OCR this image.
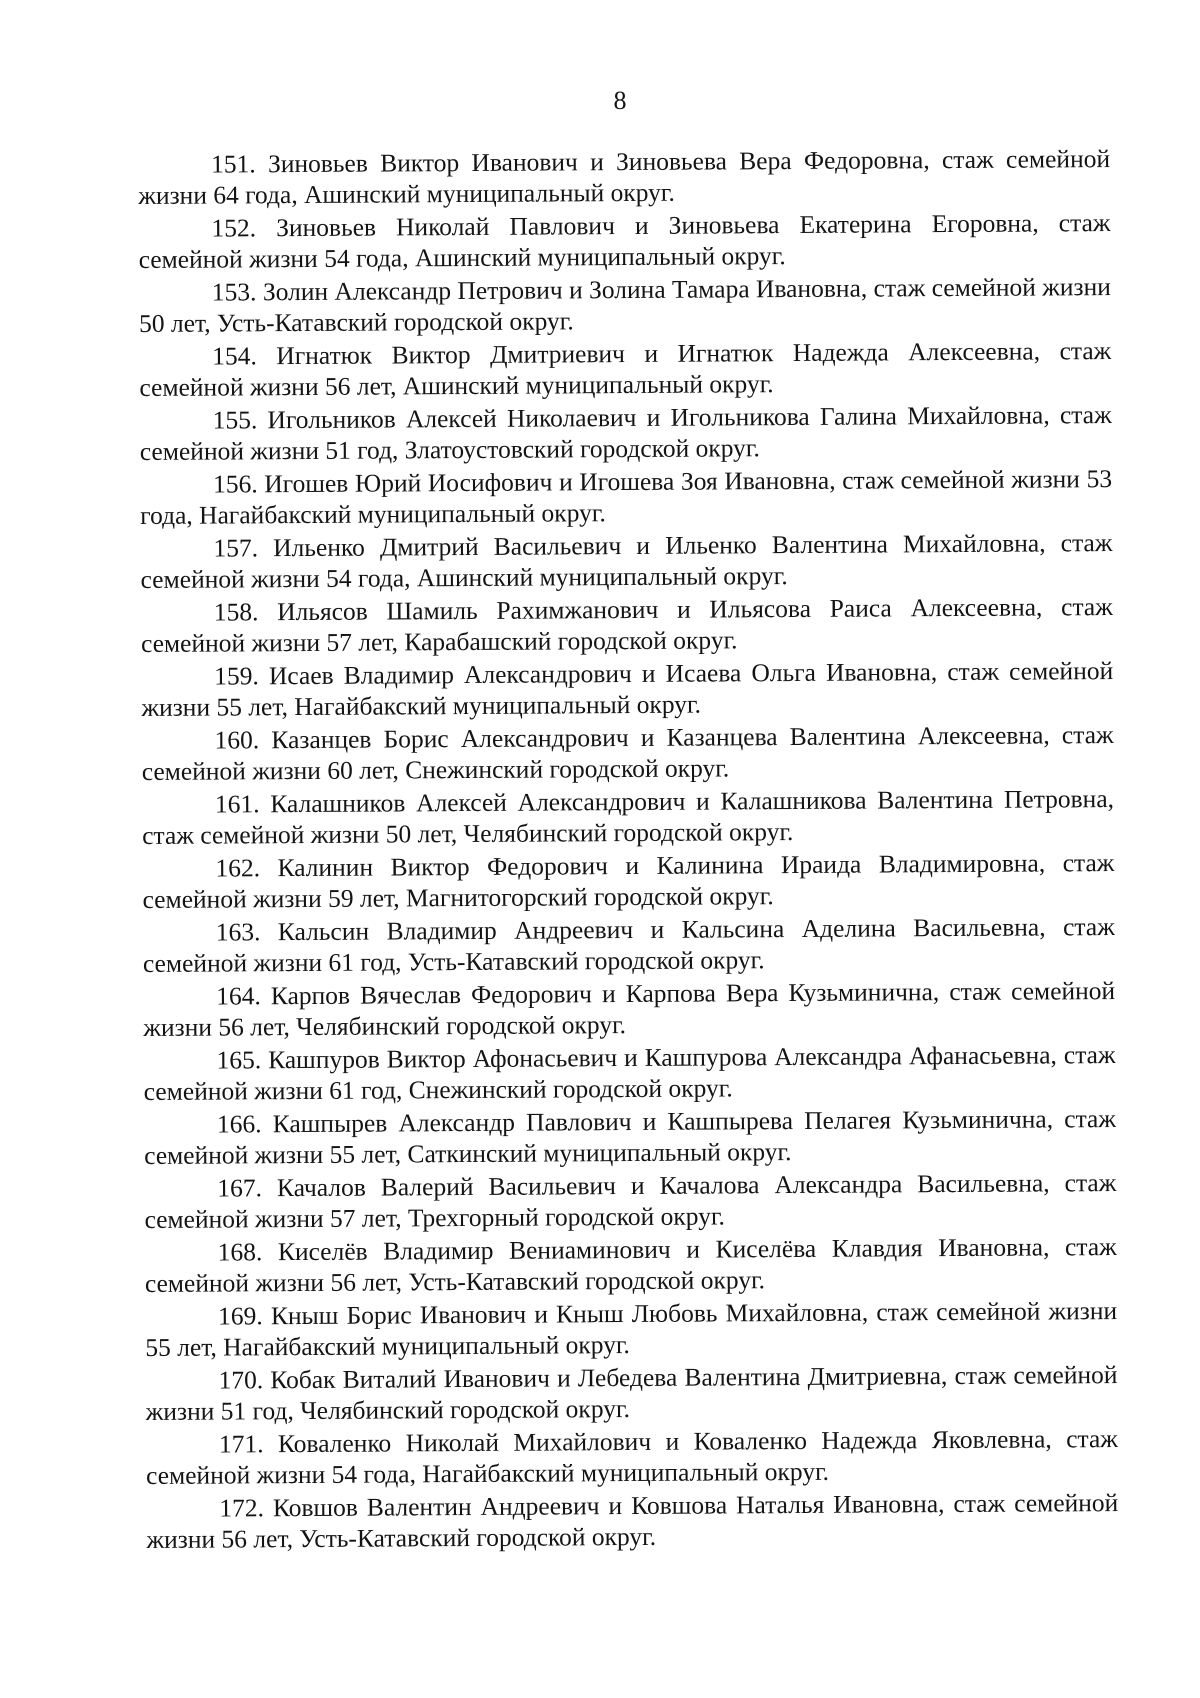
8
151. Зиновьев Виктор Иванович и Зиновьева Вера Федоровна, стаж семейной жизни 64 года, Ашинский муниципальный округ.
152. Зиновьев Николай Павлович и Зиновьева Екатерина Егоровна, стаж семейной жизни 54 года, Ашинский муниципальный округ.
153. Золин Александр Петрович и Золина Тамара Ивановна, стаж семейной жизни 50 лет, Усть-Катавский городской округ.
154. Игнатюк Виктор Дмитриевич и Игнатюк Надежда Алексеевна, стаж семейной жизни 56 лет, Ашинский муниципальный округ.
155. Игольников Алексей Николаевич и Игольникова Галина Михайловна, стаж семейной жизни 51 год, Златоустовский городской округ.
156. Игошев Юрий Иосифович и Игошева Зоя Ивановна, стаж семейной жизни 53 года, Нагайбакский муниципальный округ.
157. Ильенко Дмитрий Васильевич и Ильенко Валентина Михайловна, стаж семейной жизни 54 года, Ашинский муниципальный округ.
158. Ильясов Шамиль Рахимжанович и Ильясова Раиса Алексеевна, стаж семейной жизни 57 лет, Карабашский городской округ.
159. Исаев Владимир Александрович и Исаева Ольга Ивановна, стаж семейной жизни 55 лет, Нагайбакский муниципальный округ.
160. Казанцев Борис Александрович и Казанцева Валентина Алексеевна, стаж семейной жизни 60 лет, Снежинский городской округ.
161. Калашников Алексей Александрович и Калашникова Валентина Петровна, стаж семейной жизни 50 лет, Челябинский городской округ.
162. Калинин Виктор Федорович и Калинина Ираида Владимировна, стаж семейной жизни 59 лет, Магнитогорский городской округ.
163. Кальсин Владимир Андреевич и Кальсина Аделина Васильевна, стаж семейной жизни 61 год, Усть-Катавский городской округ.
164. Карпов Вячеслав Федорович и Карпова Вера Кузьминична, стаж семейной жизни 56 лет, Челябинский городской округ.
165. Кашпуров Виктор Афонасьевич и Кашпурова Александра Афанасьевна, стаж семейной жизни 61 год, Снежинский городской округ.
166. Кашпырев Александр Павлович и Кашпырева Пелагея Кузьминична, стаж семейной жизни 55 лет, Саткинский муниципальный округ.
167. Качалов Валерий Васильевич и Качалова Александра Васильевна, стаж семейной жизни 57 лет, Трехгорный городской округ.
168. Киселёв Владимир Вениаминович и Киселёва Клавдия Ивановна, стаж семейной жизни 56 лет, Усть-Катавский городской округ.
169. Кныш Борис Иванович и Кныш Любовь Михайловна, стаж семейной жизни 55 лет, Нагайбакский муниципальный округ.
170. Кобак Виталий Иванович и Лебедева Валентина Дмитриевна, стаж семейной жизни 51 год, Челябинский городской округ.
171. Коваленко Николай Михайлович и Коваленко Надежда Яковлевна, стаж семейной жизни 54 года, Нагайбакский муниципальный округ.
172. Ковшов Валентин Андреевич и Ковшова Наталья Ивановна, стаж семейной жизни 56 лет, Усть-Катавский городской округ.
